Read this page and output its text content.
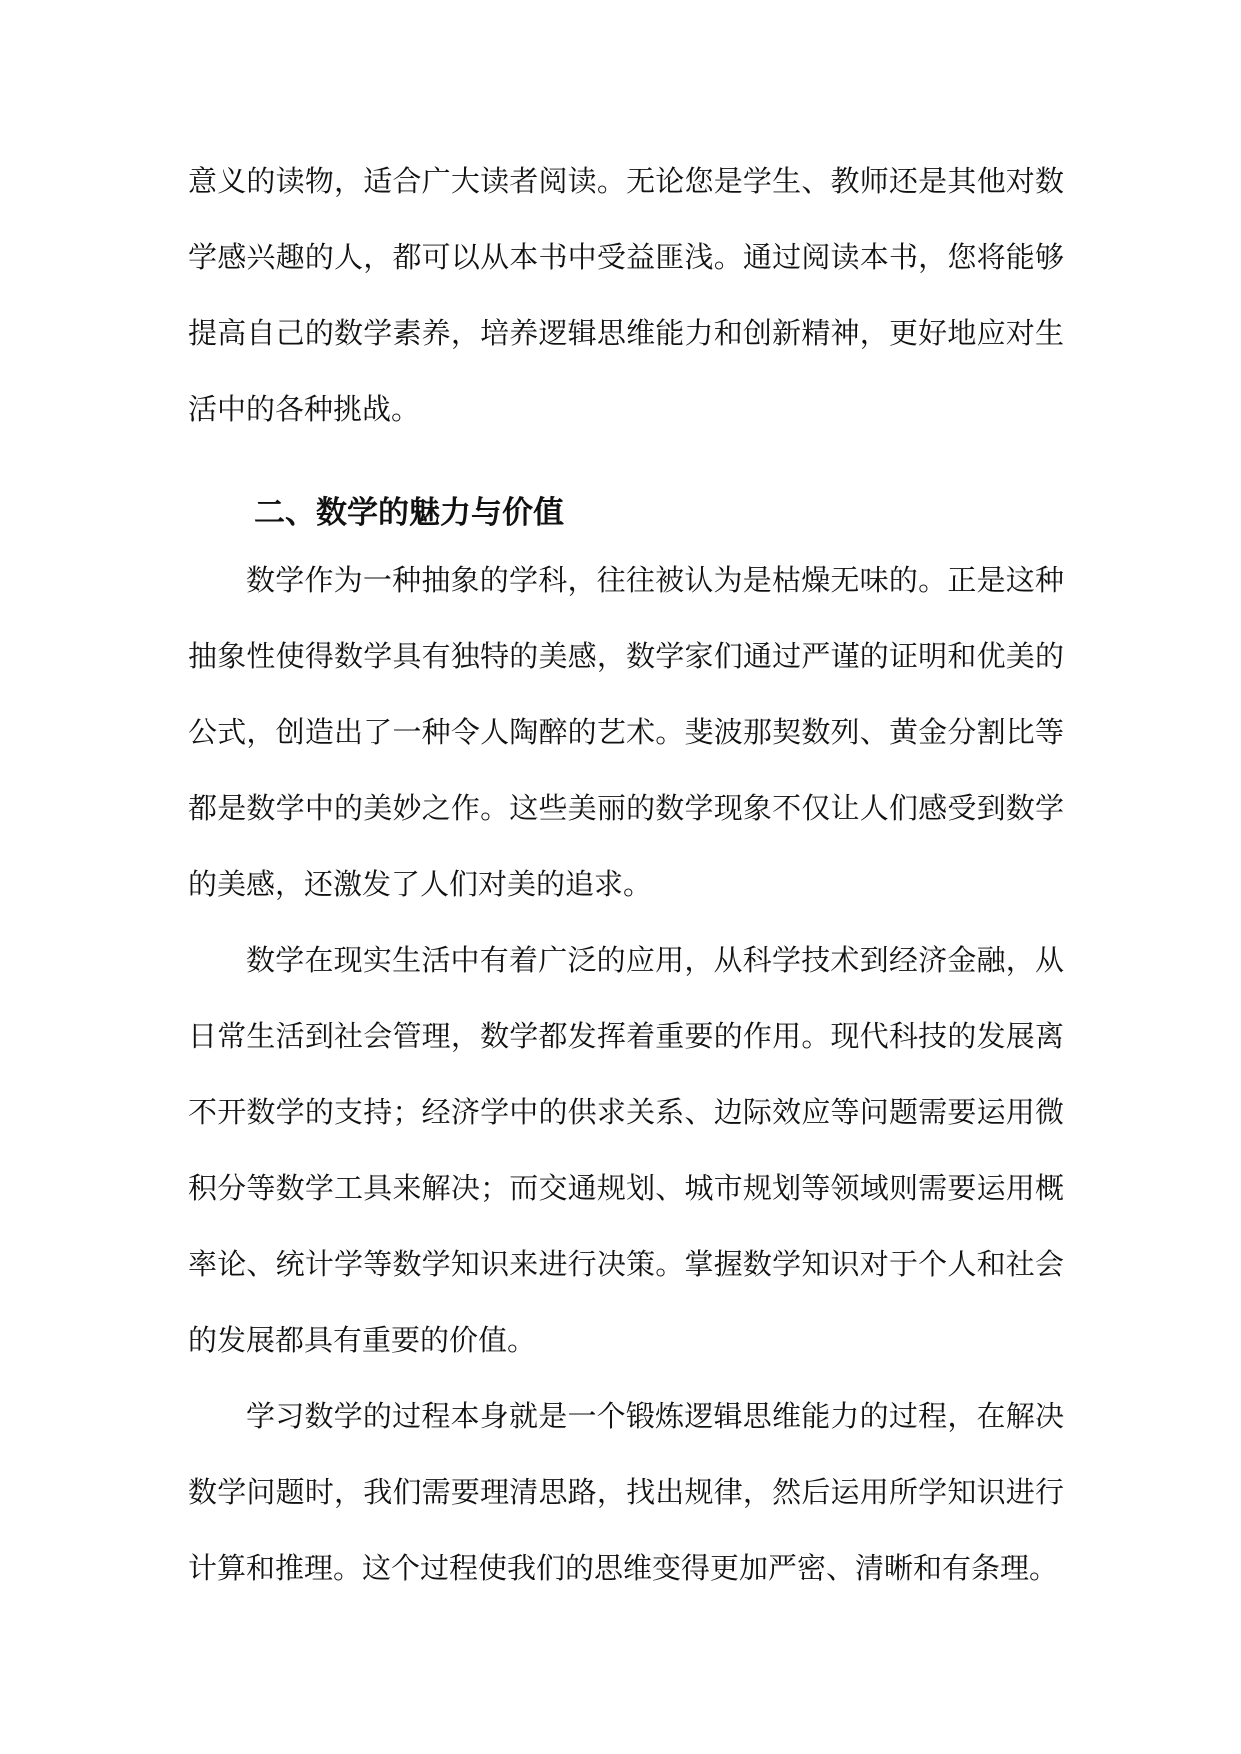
意义的读物，适合广大读者阅读。无论您是学生、教师还是其他对数学感兴趣的人，都可以从本书中受益匪浅。通过阅读本书，您将能够提高自己的数学素养，培养逻辑思维能力和创新精神，更好地应对生活中的各种挑战。

二、数学的魅力与价值

数学作为一种抽象的学科，往往被认为是枯燥无味的。正是这种抽象性使得数学具有独特的美感，数学家们通过严谨的证明和优美的公式，创造出了一种令人陶醉的艺术。斐波那契数列、黄金分割比等都是数学中的美妙之作。这些美丽的数学现象不仅让人们感受到数学的美感，还激发了人们对美的追求。

数学在现实生活中有着广泛的应用，从科学技术到经济金融，从日常生活到社会管理，数学都发挥着重要的作用。现代科技的发展离不开数学的支持；经济学中的供求关系、边际效应等问题需要运用微积分等数学工具来解决；而交通规划、城市规划等领域则需要运用概率论、统计学等数学知识来进行决策。掌握数学知识对于个人和社会的发展都具有重要的价值。

学习数学的过程本身就是一个锻炼逻辑思维能力的过程，在解决数学问题时，我们需要理清思路，找出规律，然后运用所学知识进行计算和推理。这个过程使我们的思维变得更加严密、清晰和有条理。
